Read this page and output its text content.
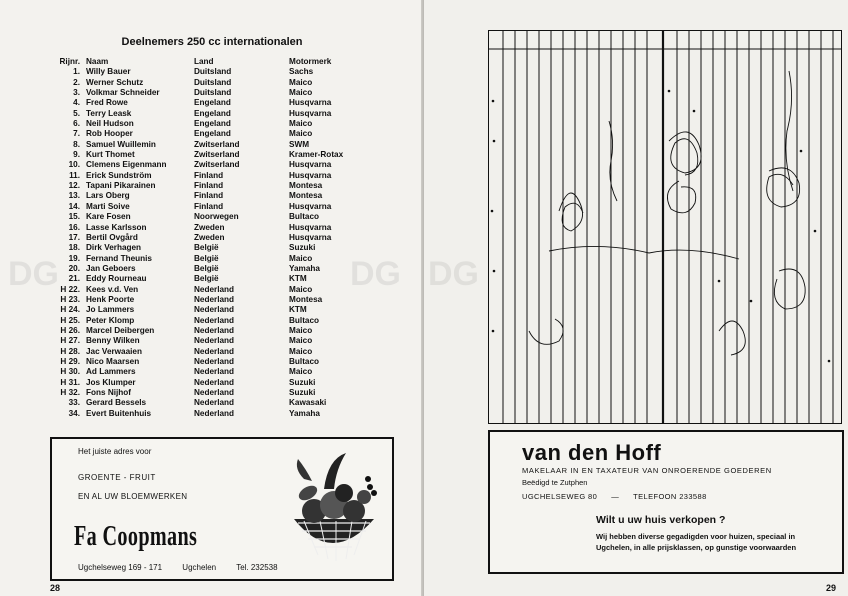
DG	DG
Deelnemers 250 cc internationalen
Rijnr.	Naam	Land	Motormerk
1.	Willy Bauer	Duitsland	Sachs
2.	Werner Schutz	Duitsland	Maico
3.	Volkmar Schneider	Duitsland	Maico
4.	Fred Rowe	Engeland	Husqvarna
5.	Terry Leask	Engeland	Husqvarna
6.	Neil Hudson	Engeland	Maico
7.	Rob Hooper	Engeland	Maico
8.	Samuel Wuillemin	Zwitserland	SWM
9.	Kurt Thomet	Zwitserland	Kramer-Rotax
10.	Clemens Eigenmann	Zwitserland	Husqvarna
11.	Erick Sundström	Finland	Husqvarna
12.	Tapani Pikarainen	Finland	Montesa
13.	Lars Oberg	Finland	Montesa
14.	Marti Soive	Finland	Husqvarna
15.	Kare Fosen	Noorwegen	Bultaco
16.	Lasse Karlsson	Zweden	Husqvarna
17.	Bertil Ovgård	Zweden	Husqvarna
18.	Dirk Verhagen	België	Suzuki
19.	Fernand Theunis	België	Maico
20.	Jan Geboers	België	Yamaha
21.	Eddy Rourneau	België	KTM
H 22.	Kees v.d. Ven	Nederland	Maico
H 23.	Henk Poorte	Nederland	Montesa
H 24.	Jo Lammers	Nederland	KTM
H 25.	Peter Klomp	Nederland	Bultaco
H 26.	Marcel Deibergen	Nederland	Maico
H 27.	Benny Wilken	Nederland	Maico
H 28.	Jac Verwaaien	Nederland	Maico
H 29.	Nico Maarsen	Nederland	Bultaco
H 30.	Ad Lammers	Nederland	Maico
H 31.	Jos Klumper	Nederland	Suzuki
H 32.	Fons Nijhof	Nederland	Suzuki
33.	Gerard Bessels	Nederland	Kawasaki
34.	Evert Buitenhuis	Nederland	Yamaha
Het juiste adres voor
GROENTE - FRUIT
EN AL UW BLOEMWERKEN
Fa Coopmans
Ugchelseweg 169 - 171	Ugchelen	Tel. 232538
28
DG
van den Hoff
MAKELAAR IN EN TAXATEUR VAN ONROERENDE GOEDEREN
Beëdigd te Zutphen
UGCHELSEWEG 80 — TELEFOON 233588
Wilt u uw huis verkopen ?
Wij hebben diverse gegadigden voor huizen, speciaal in Ugchelen, in alle prijsklassen, op gunstige voorwaarden
29
